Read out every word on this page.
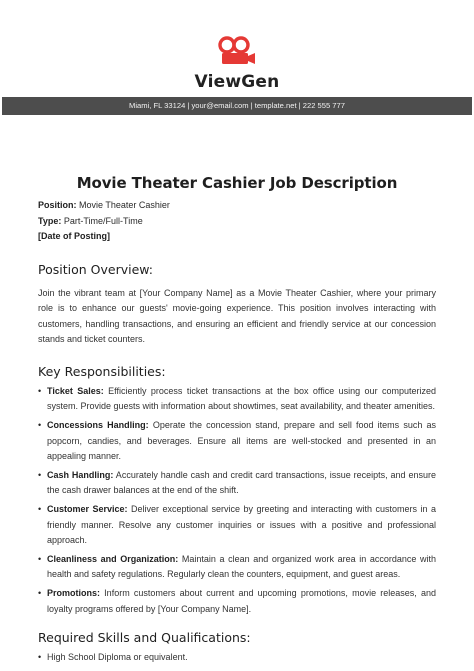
ViewGen
Miami, FL 33124 | your@email.com | template.net | 222 555 777
Movie Theater Cashier Job Description
Position: Movie Theater Cashier
Type: Part-Time/Full-Time
[Date of Posting]
Position Overview:

Join the vibrant team at [Your Company Name] as a Movie Theater Cashier, where your primary role is to enhance our guests' movie-going experience. This position involves interacting with customers, handling transactions, and ensuring an efficient and friendly service at our concession stands and ticket counters.

Key Responsibilities:
• Ticket Sales: Efficiently process ticket transactions at the box office using our computerized system. Provide guests with information about showtimes, seat availability, and theater amenities.
• Concessions Handling: Operate the concession stand, prepare and sell food items such as popcorn, candies, and beverages. Ensure all items are well-stocked and presented in an appealing manner.
• Cash Handling: Accurately handle cash and credit card transactions, issue receipts, and ensure the cash drawer balances at the end of the shift.
• Customer Service: Deliver exceptional service by greeting and interacting with customers in a friendly manner. Resolve any customer inquiries or issues with a positive and professional approach.
• Cleanliness and Organization: Maintain a clean and organized work area in accordance with health and safety regulations. Regularly clean the counters, equipment, and guest areas.
• Promotions: Inform customers about current and upcoming promotions, movie releases, and loyalty programs offered by [Your Company Name].
Required Skills and Qualifications:
• High School Diploma or equivalent.
